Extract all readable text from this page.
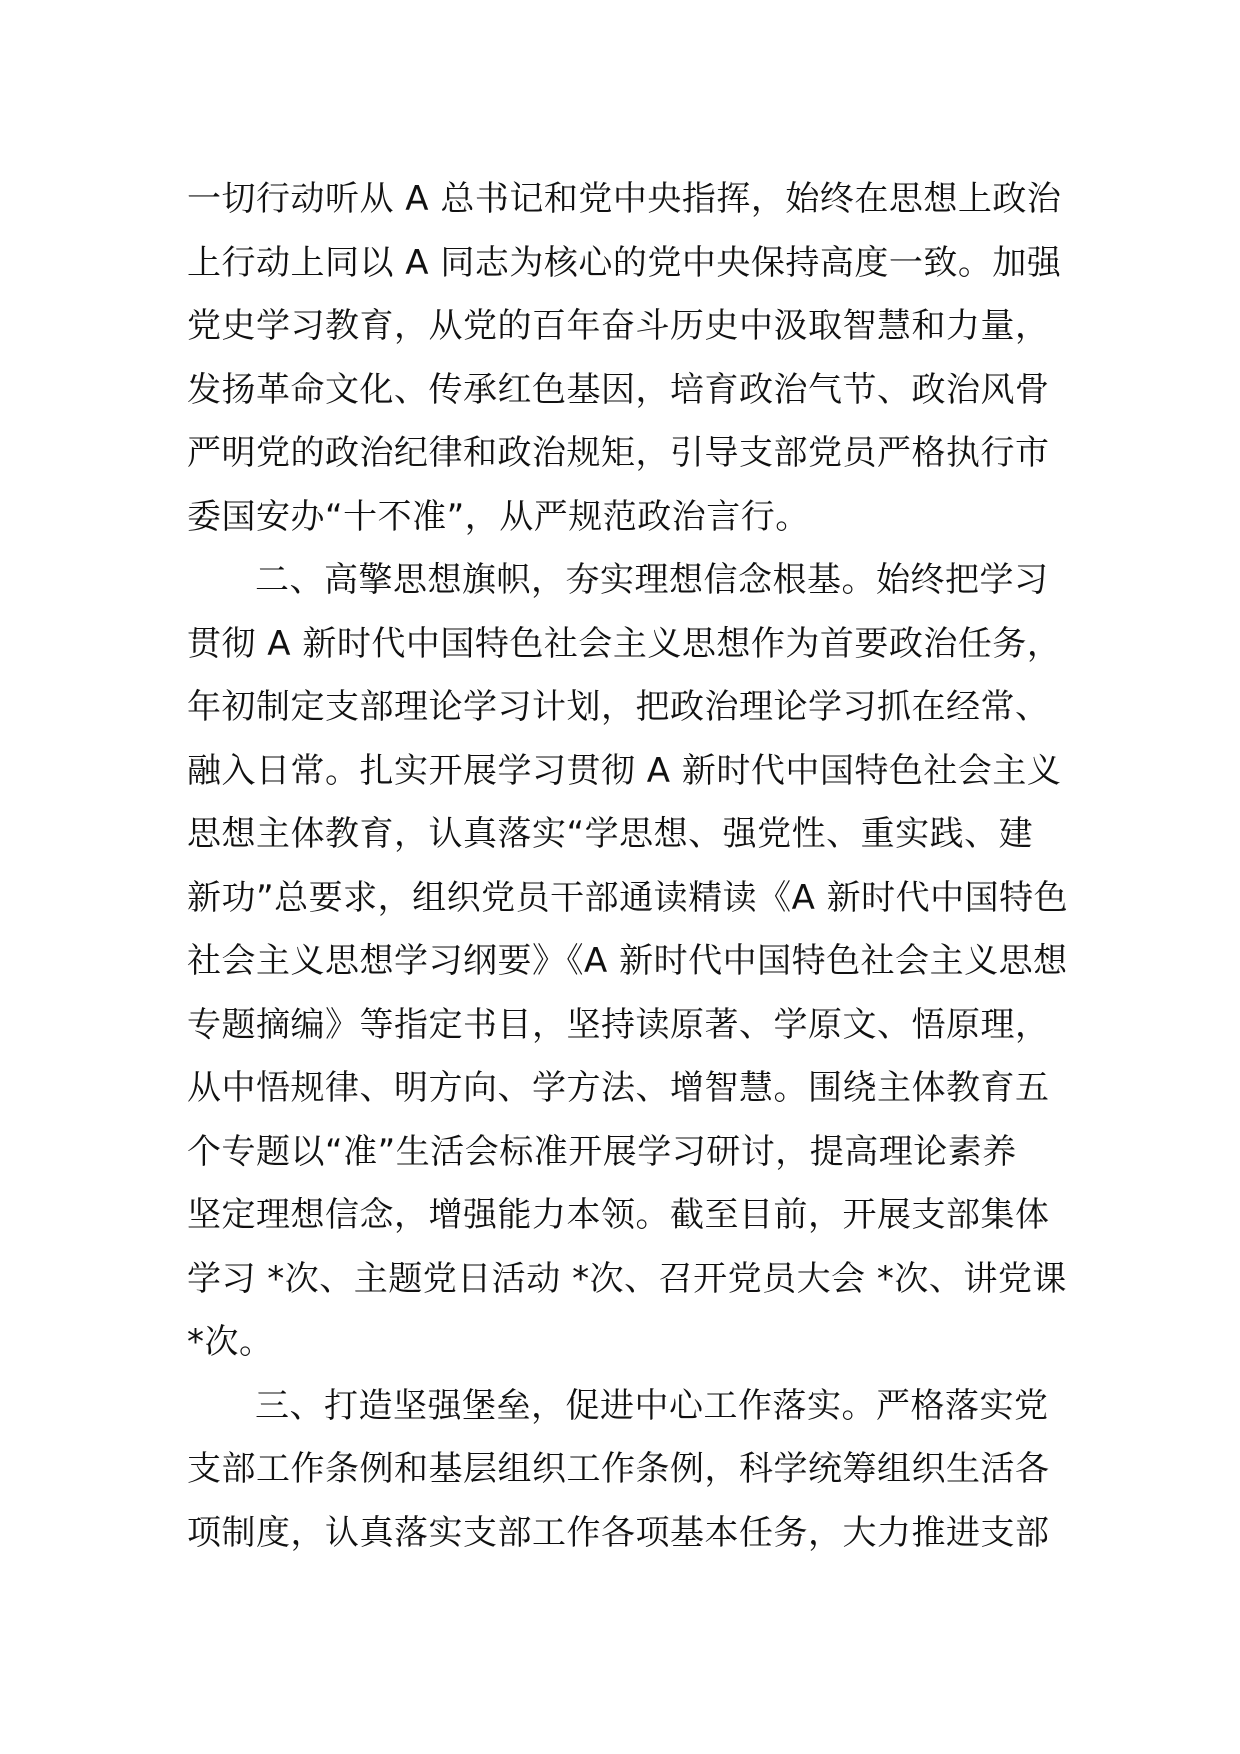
一切行动听从 A 总书记和党中央指挥，始终在思想上政治
上行动上同以 A 同志为核心的党中央保持高度一致。加强
党史学习教育，从党的百年奋斗历史中汲取智慧和力量，
发扬革命文化、传承红色基因，培育政治气节、政治风骨
严明党的政治纪律和政治规矩，引导支部党员严格执行市
委国安办“十不准”，从严规范政治言行。
二、高擎思想旗帜，夯实理想信念根基。始终把学习
贯彻 A 新时代中国特色社会主义思想作为首要政治任务，
年初制定支部理论学习计划，把政治理论学习抓在经常、
融入日常。扎实开展学习贯彻 A 新时代中国特色社会主义
思想主体教育，认真落实“学思想、强党性、重实践、建
新功”总要求，组织党员干部通读精读《A 新时代中国特色
社会主义思想学习纲要》《A 新时代中国特色社会主义思想
专题摘编》等指定书目，坚持读原著、学原文、悟原理，
从中悟规律、明方向、学方法、增智慧。围绕主体教育五
个专题以“准”生活会标准开展学习研讨，提高理论素养
坚定理想信念，增强能力本领。截至目前，开展支部集体
学习 *次、主题党日活动 *次、召开党员大会 *次、讲党课
*次。
三、打造坚强堡垒，促进中心工作落实。严格落实党
支部工作条例和基层组织工作条例，科学统筹组织生活各
项制度，认真落实支部工作各项基本任务，大力推进支部
